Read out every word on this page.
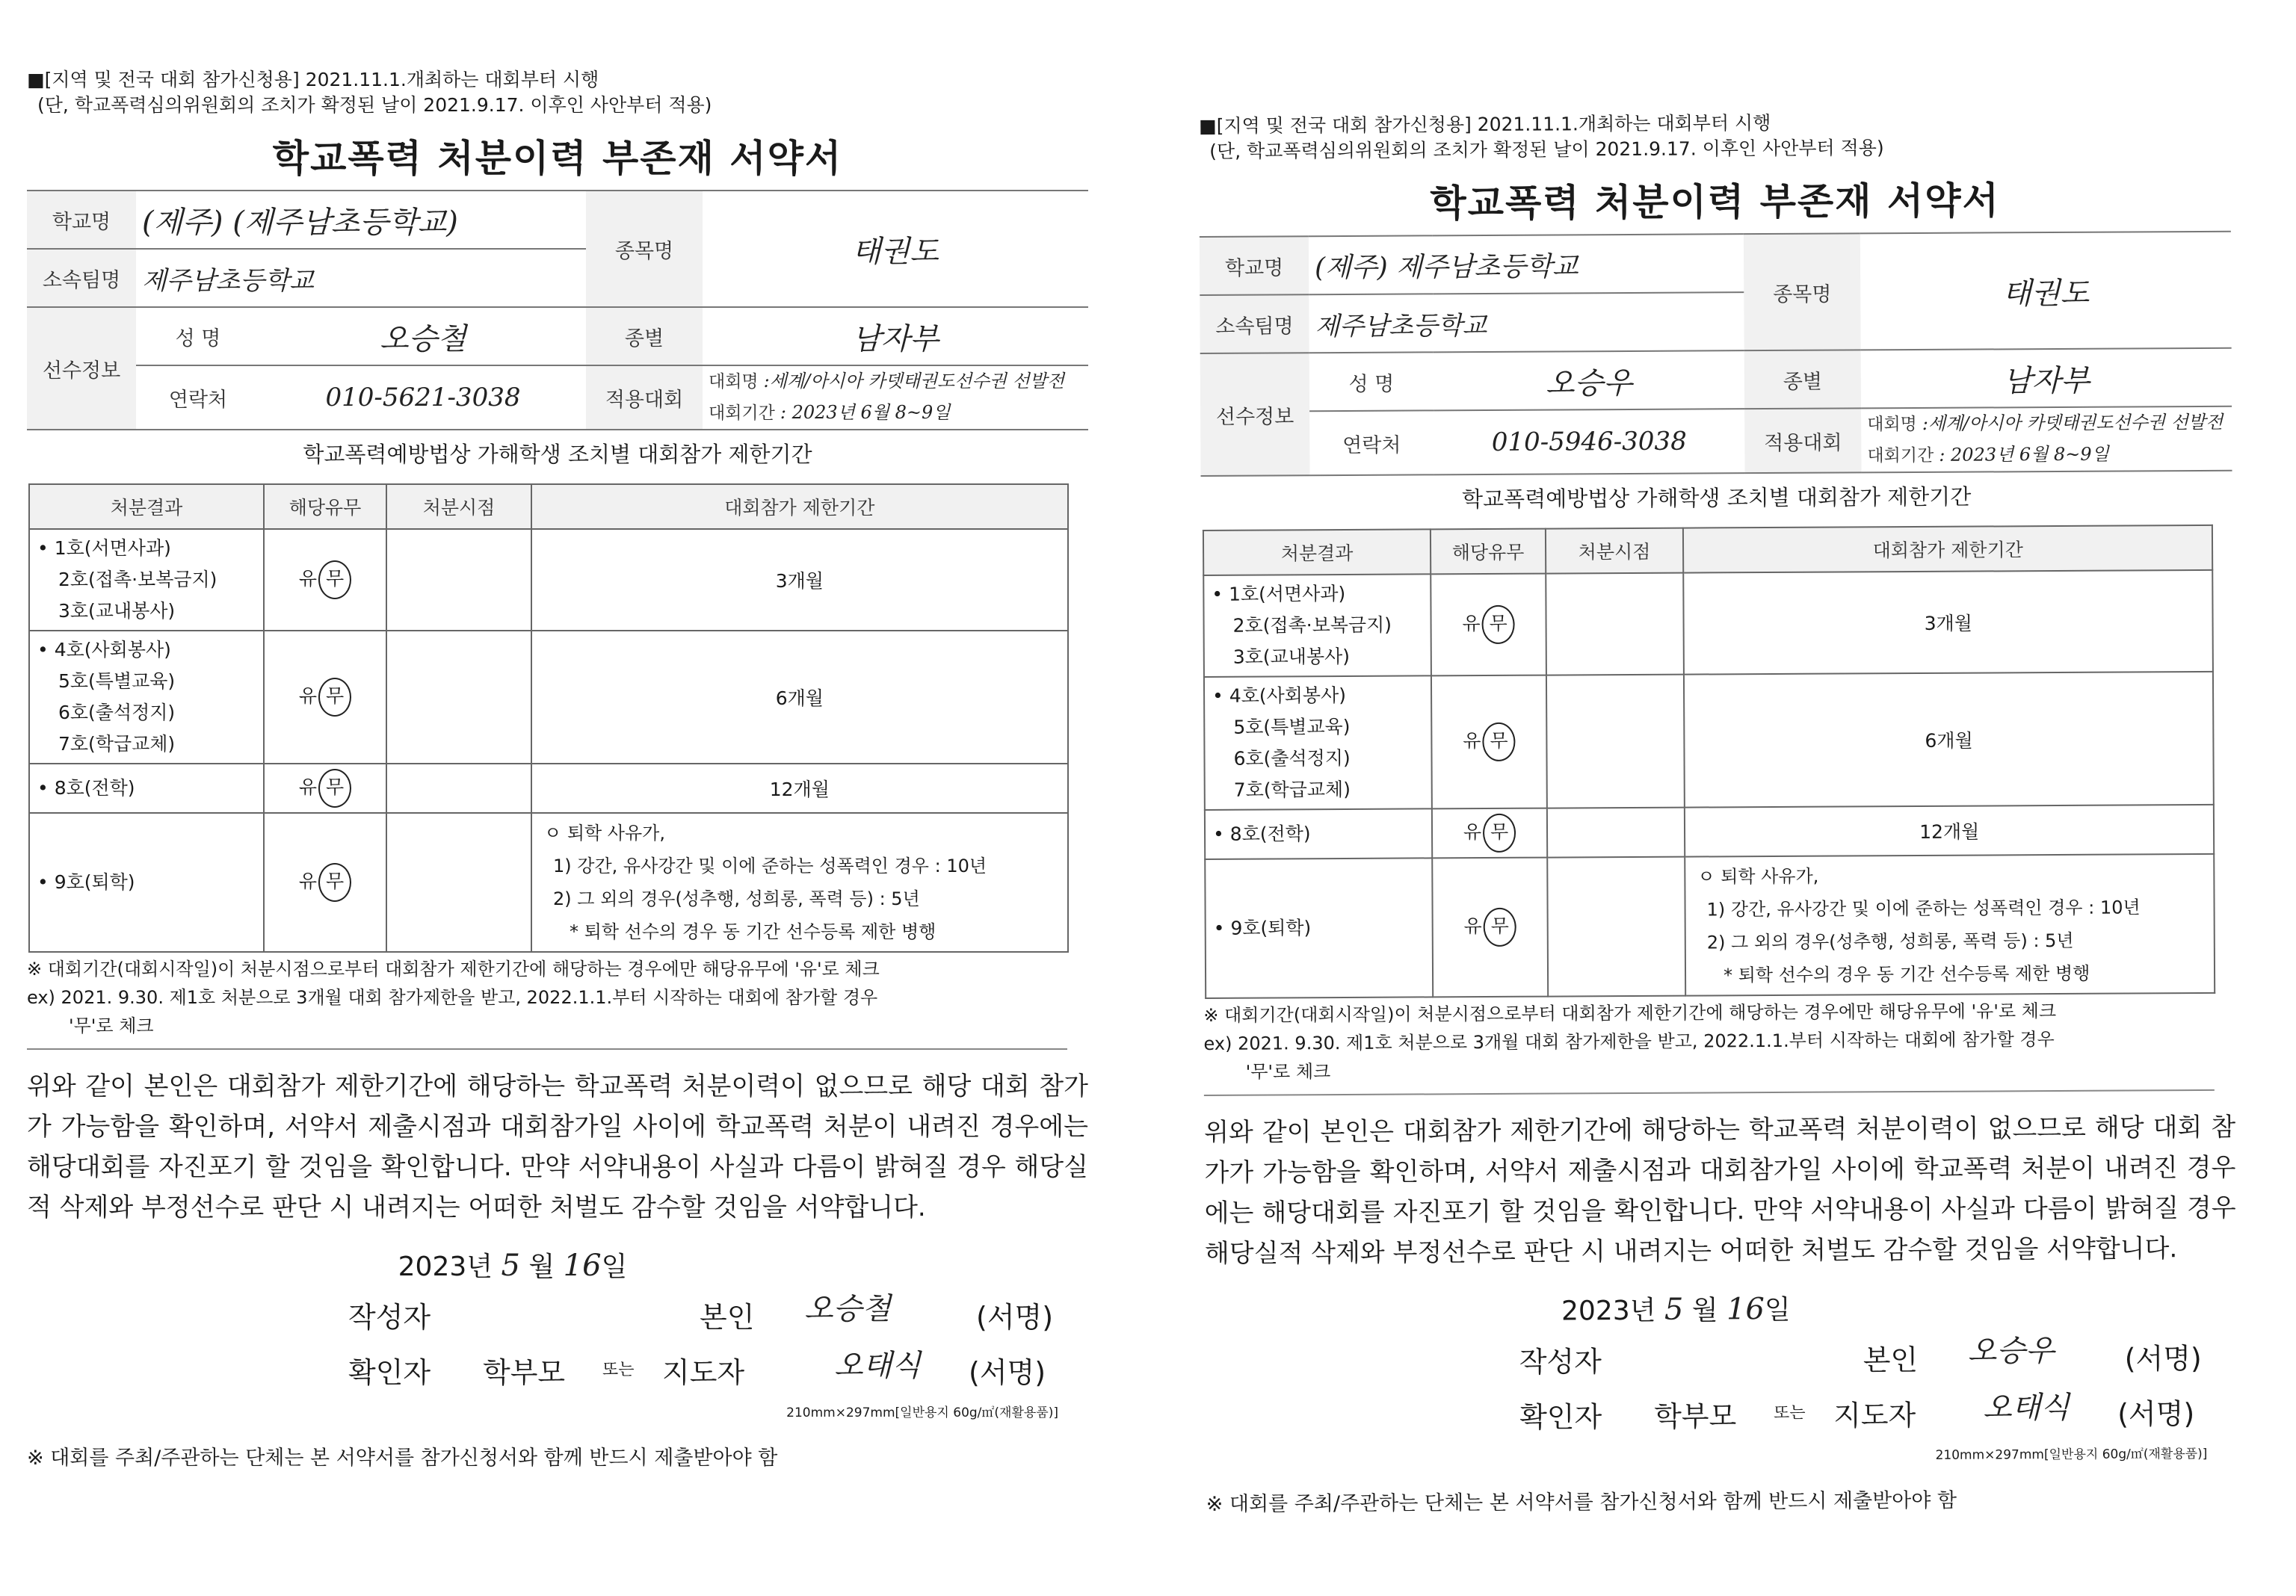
■[지역 및 전국 대회 참가신청용] 2021.11.1.개최하는 대회부터 시행

(단, 학교폭력심의위원회의 조치가 확정된 날이 2021.9.17. 이후인 사안부터 적용)

학교폭력 처분이력 부존재 서약서
학교명	(제주) (제주남초등학교)		종목명	태권도
소속팀명	제주남초등학교			
선수정보	성 명	오승철	종별	남자부
	연락처	010-5621-3038	적용대회	대회명 :세계/아시아 카뎃태권도선수권 선발전
대회기간 : 2023년 6월 8~9일
학교폭력예방법상 가해학생 조치별 대회참가 제한기간
처분결과	해당유무	처분시점	대회참가 제한기간

• 1호(서면사과)
2호(접촉·보복금지)
3호(교내봉사)	유 무		3개월

• 4호(사회봉사)
5호(특별교육)
6호(출석정지)
7호(학급교체)	유 무		6개월

• 8호(전학)	유 무		12개월

• 9호(퇴학)	유 무		ㅇ 퇴학 사유가,
1) 강간, 유사강간 및 이에 준하는 성폭력인 경우 : 10년
2) 그 외의 경우(성추행, 성희롱, 폭력 등) : 5년
* 퇴학 선수의 경우 동 기간 선수등록 제한 병행

※ 대회기간(대회시작일)이 처분시점으로부터 대회참가 제한기간에 해당하는 경우에만 해당유무에 '유'로 체크

ex) 2021. 9.30. 제1호 처분으로 3개월 대회 참가제한을 받고, 2022.1.1.부터 시작하는 대회에 참가할 경우

'무'로 체크

위와 같이 본인은 대회참가 제한기간에 해당하는 학교폭력 처분이력이 없으므로 해당 대회 참가가 가능함을 확인하며, 서약서 제출시점과 대회참가일 사이에 학교폭력 처분이 내려진 경우에는 해당대회를 자진포기 할 것임을 확인합니다. 만약 서약내용이 사실과 다름이 밝혀질 경우 해당실적 삭제와 부정선수로 판단 시 내려지는 어떠한 처벌도 감수할 것임을 서약합니다.

2023년 5 월 16일
작성자	본인 오승철	(서명)
확인자 학부모 또는 지도자	오태식 (서명)
210mm×297mm[일반용지 60g/㎡(재활용품)]
※ 대회를 주최/주관하는 단체는 본 서약서를 참가신청서와 함께 반드시 제출받아야 함

■[지역 및 전국 대회 참가신청용] 2021.11.1.개최하는 대회부터 시행

(단, 학교폭력심의위원회의 조치가 확정된 날이 2021.9.17. 이후인 사안부터 적용)

학교폭력 처분이력 부존재 서약서
학교명	(제주) 제주남초등학교		종목명	태권도
소속팀명	제주남초등학교			
선수정보	성 명	오승우	종별	남자부
	연락처	010-5946-3038	적용대회	대회명 :세계/아시아 카뎃태권도선수권 선발전
대회기간 : 2023년 6월 8~9일
학교폭력예방법상 가해학생 조치별 대회참가 제한기간
처분결과	해당유무	처분시점	대회참가 제한기간

• 1호(서면사과)
2호(접촉·보복금지)
3호(교내봉사)	유 무		3개월

• 4호(사회봉사)
5호(특별교육)
6호(출석정지)
7호(학급교체)	유 무		6개월

• 8호(전학)	유 무		12개월

• 9호(퇴학)	유 무		ㅇ 퇴학 사유가,
1) 강간, 유사강간 및 이에 준하는 성폭력인 경우 : 10년
2) 그 외의 경우(성추행, 성희롱, 폭력 등) : 5년
* 퇴학 선수의 경우 동 기간 선수등록 제한 병행

※ 대회기간(대회시작일)이 처분시점으로부터 대회참가 제한기간에 해당하는 경우에만 해당유무에 '유'로 체크

ex) 2021. 9.30. 제1호 처분으로 3개월 대회 참가제한을 받고, 2022.1.1.부터 시작하는 대회에 참가할 경우

'무'로 체크

위와 같이 본인은 대회참가 제한기간에 해당하는 학교폭력 처분이력이 없으므로 해당 대회 참가가 가능함을 확인하며, 서약서 제출시점과 대회참가일 사이에 학교폭력 처분이 내려진 경우에는 해당대회를 자진포기 할 것임을 확인합니다. 만약 서약내용이 사실과 다름이 밝혀질 경우 해당실적 삭제와 부정선수로 판단 시 내려지는 어떠한 처벌도 감수할 것임을 서약합니다.

2023년 5 월 16일
작성자	본인 오승우 (서명)
확인자 학부모 또는 지도자 오태식 (서명)
210mm×297mm[일반용지 60g/㎡(재활용품)]
※ 대회를 주최/주관하는 단체는 본 서약서를 참가신청서와 함께 반드시 제출받아야 함
